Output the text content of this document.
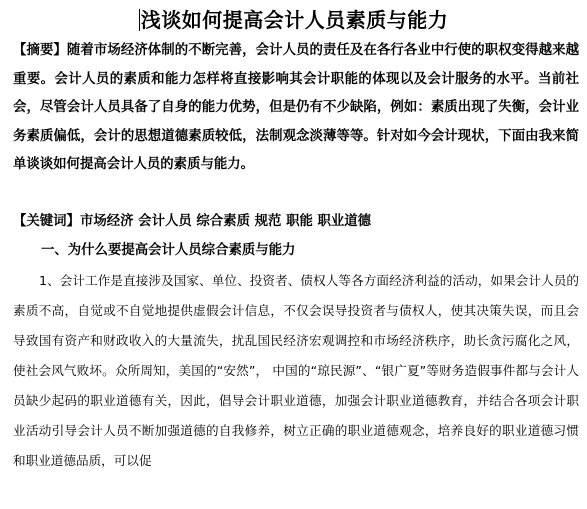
浅谈如何提高会计人员素质与能力

【摘要】随着市场经济体制的不断完善，会计人员的责任及在各行各业中行使的职权变得越来越重要。会计人员的素质和能力怎样将直接影响其会计职能的体现以及会计服务的水平。当前社会，尽管会计人员具备了自身的能力优势，但是仍有不少缺陷，例如：素质出现了失衡，会计业务素质偏低，会计的思想道德素质较低，法制观念淡薄等等。针对如今会计现状，下面由我来简单谈谈如何提高会计人员的素质与能力。

【关键词】市场经济 会计人员 综合素质 规范 职能 职业道德

一、为什么要提高会计人员综合素质与能力

1、会计工作是直接涉及国家、单位、投资者、债权人等各方面经济利益的活动，如果会计人员的素质不高，自觉或不自觉地提供虚假会计信息，不仅会误导投资者与债权人，使其决策失误，而且会导致国有资产和财政收入的大量流失，扰乱国民经济宏观调控和市场经济秩序，助长贪污腐化之风，使社会风气败坏。众所周知，美国的“安然”， 中国的“琼民源”、“银广夏”等财务造假事件都与会计人员缺少起码的职业道德有关，因此，倡导会计职业道德，加强会计职业道德教育，并结合各项会计职业活动引导会计人员不断加强道德的自我修养，树立正确的职业道德观念，培养良好的职业道德习惯和职业道德品质，可以促
